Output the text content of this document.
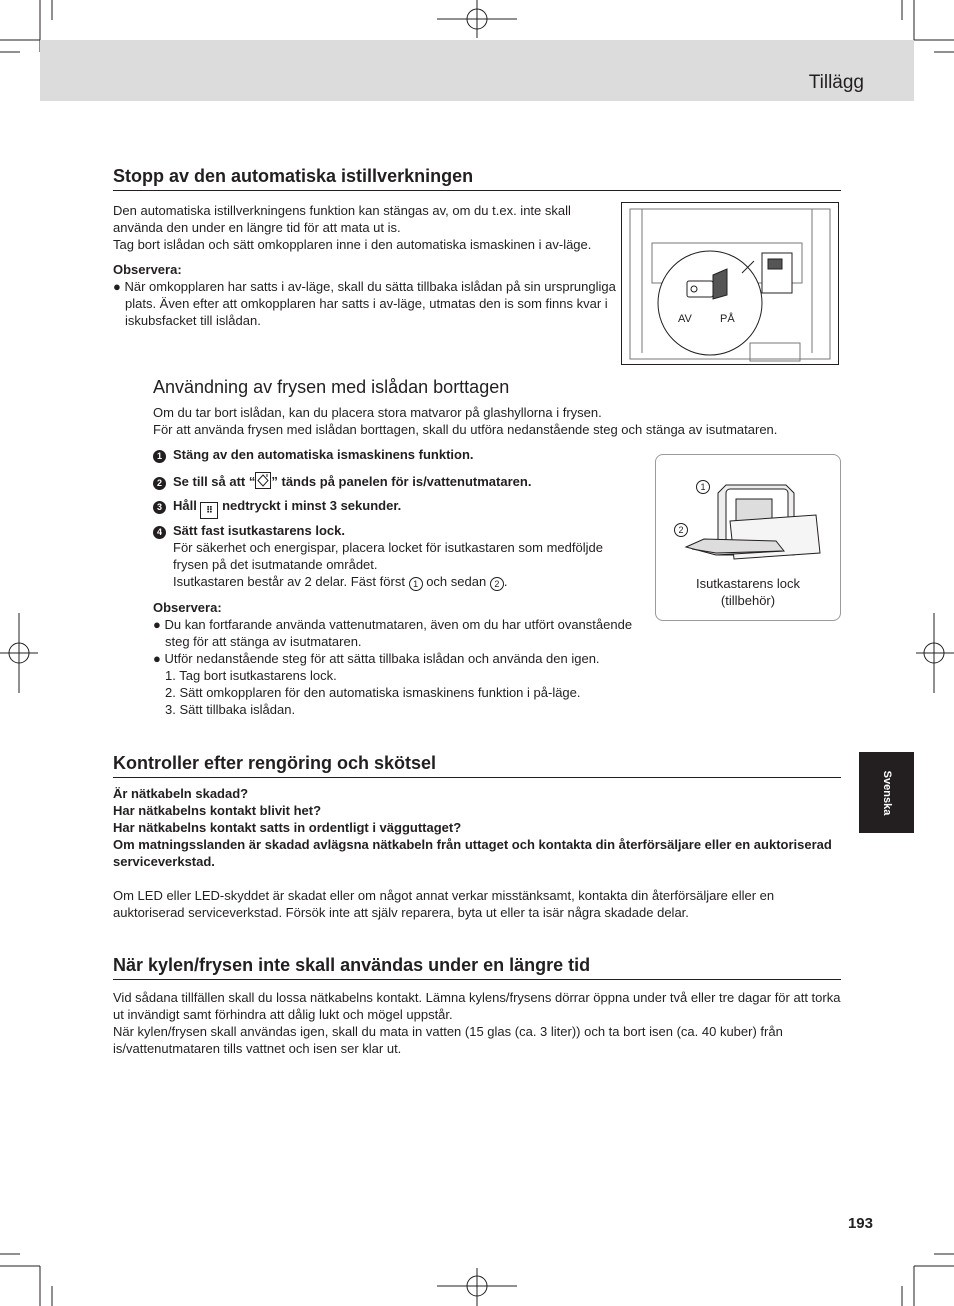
Tillägg
Svenska
Stopp av den automatiska istillverkningen

Den automatiska istillverkningens funktion kan stängas av, om du t.ex. inte skall använda den under en längre tid för att mata ut is.

Tag bort islådan och sätt omkopplaren inne i den automatiska ismaskinen i av-läge.

Observera:

● När omkopplaren har satts i av-läge, skall du sätta tillbaka islådan på sin ursprungliga plats. Även efter att omkopplaren har satts i av-läge, utmatas den is som finns kvar i iskubsfacket till islådan.	AV	PÅ
Användning av frysen med islådan borttagen

Om du tar bort islådan, kan du placera stora matvaror på glashyllorna i frysen.

För att använda frysen med islådan borttagen, skall du utföra nedanstående steg och stänga av isutmataren.

1 Stäng av den automatiska ismaskinens funktion.
2 Se till så att “ ” tänds på panelen för is/vattenutmataren.
3 Håll ⠿ nedtryckt i minst 3 sekunder.
4 Sätt fast isutkastarens lock.
För säkerhet och energispar, placera locket för isutkastaren som medföljde frysen på det isutmatande området.
Isutkastaren består av 2 delar. Fäst först 1 och sedan 2 .

Observera:

● Du kan fortfarande använda vattenutmataren, även om du har utfört ovanstående steg för att stänga av isutmataren.

● Utför nedanstående steg för att sätta tillbaka islådan och använda den igen.

1. Tag bort isutkastarens lock.

2. Sätt omkopplaren för den automatiska ismaskinens funktion i på-läge.

3. Sätt tillbaka islådan.

1
2
Isutkastarens lock
(tillbehör)
Kontroller efter rengöring och skötsel

Är nätkabeln skadad?

Har nätkabelns kontakt blivit het?

Har nätkabelns kontakt satts in ordentligt i vägguttaget?

Om matningsslanden är skadad avlägsna nätkabeln från uttaget och kontakta din återförsäljare eller en auktoriserad serviceverkstad.

Om LED eller LED-skyddet är skadat eller om något annat verkar misstänksamt, kontakta din återförsäljare eller en auktoriserad serviceverkstad. Försök inte att själv reparera, byta ut eller ta isär några skadade delar.

När kylen/frysen inte skall användas under en längre tid

Vid sådana tillfällen skall du lossa nätkabelns kontakt. Lämna kylens/frysens dörrar öppna under två eller tre dagar för att torka ut invändigt samt förhindra att dålig lukt och mögel uppstår.

När kylen/frysen skall användas igen, skall du mata in vatten (15 glas (ca. 3 liter)) och ta bort isen (ca. 40 kuber) från is/vattenutmataren tills vattnet och isen ser klar ut.

193
